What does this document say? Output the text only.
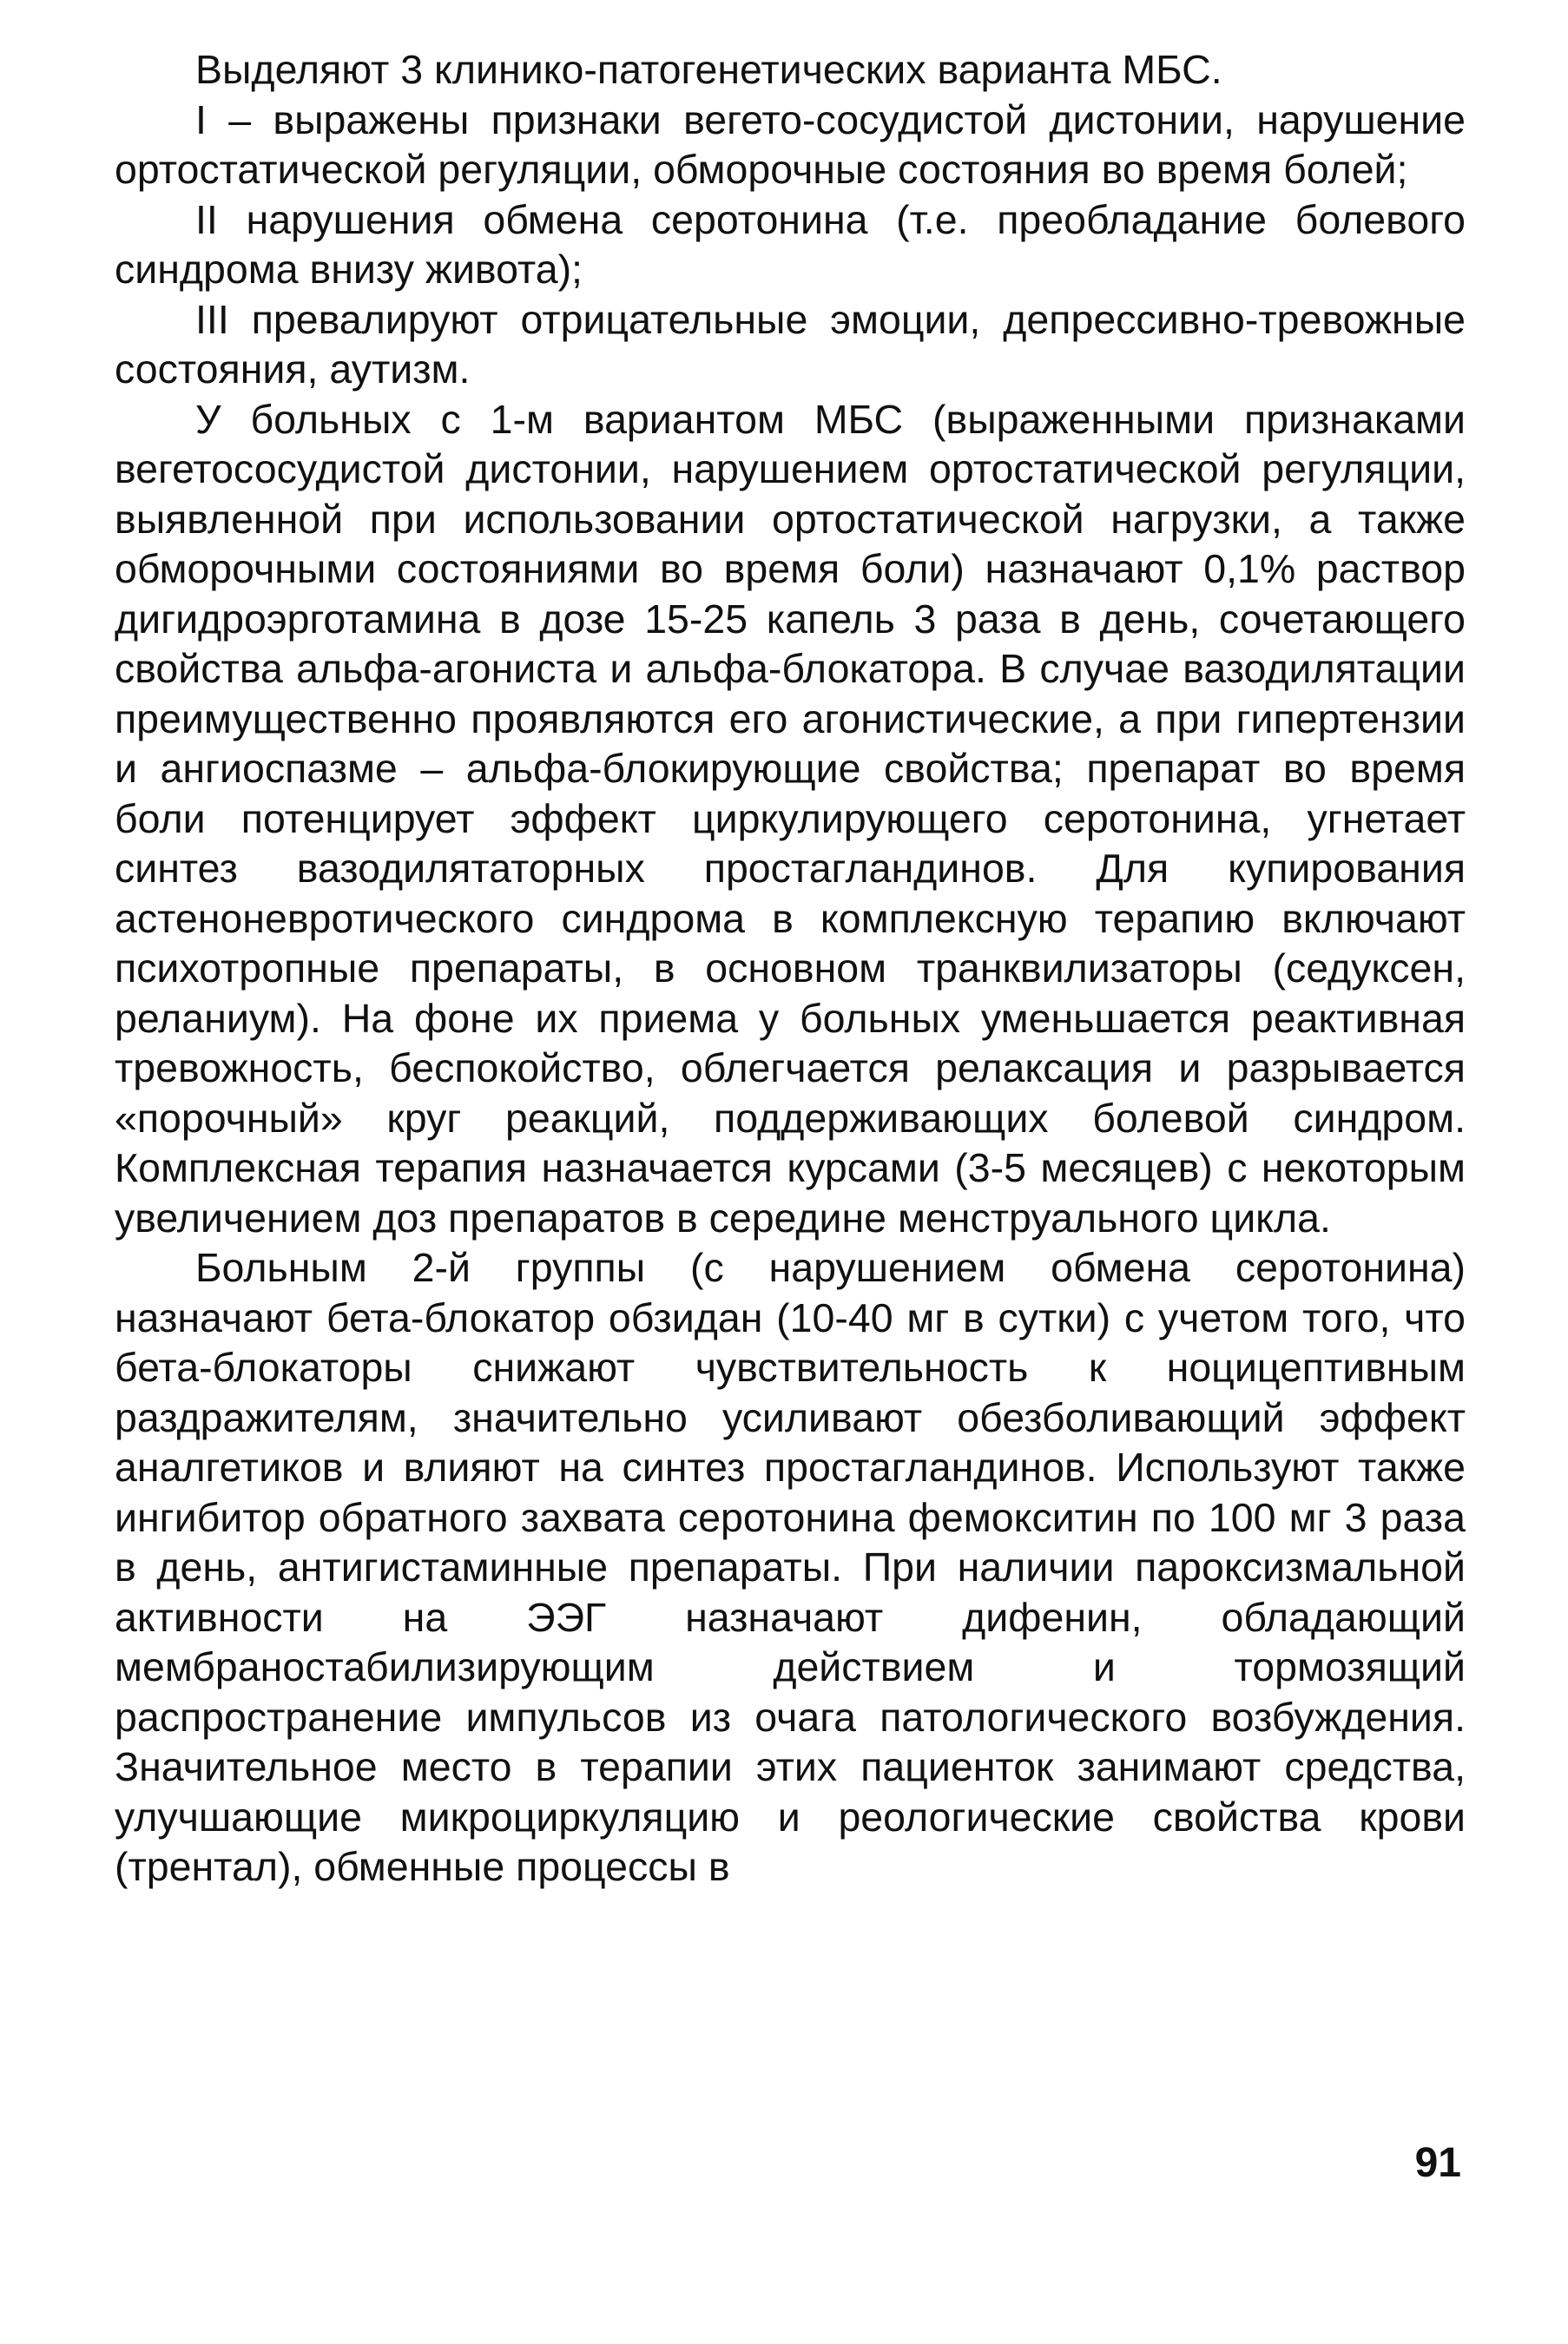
Выделяют 3 клинико-патогенетических варианта МБС.

I – выражены признаки вегето-сосудистой дистонии, нарушение ортостатической регуляции, обморочные состояния во время болей;

II нарушения обмена серотонина (т.е. преобладание болевого синдрома внизу живота);

III превалируют отрицательные эмоции, депрессивно-тревожные состояния, аутизм.

У больных с 1-м вариантом МБС (выраженными признаками вегетососудистой дистонии, нарушением ортостатической регуляции, выявленной при использовании ортостатической нагрузки, а также обморочными состояниями во время боли) назначают 0,1% раствор дигидроэрготамина в дозе 15-25 капель 3 раза в день, сочетающего свойства альфа-агониста и альфа-блокатора. В случае вазодилятации преимущественно проявляются его агонистические, а при гипертензии и ангиоспазме – альфа-блокирующие свойства; препарат во время боли потенцирует эффект циркулирующего серотонина, угнетает синтез вазодилятаторных простагландинов. Для купирования астеноневротического синдрома в комплексную терапию включают психотропные препараты, в основном транквилизаторы (седуксен, реланиум). На фоне их приема у больных уменьшается реактивная тревожность, беспокойство, облегчается релаксация и разрывается «порочный» круг реакций, поддерживающих болевой синдром. Комплексная терапия назначается курсами (3-5 месяцев) с некоторым увеличением доз препаратов в середине менструального цикла.

Больным 2-й группы (с нарушением обмена серотонина) назначают бета-блокатор обзидан (10-40 мг в сутки) с учетом того, что бета-блокаторы снижают чувствительность к ноцицептивным раздражителям, значительно усиливают обезболивающий эффект аналгетиков и влияют на синтез простагландинов. Используют также ингибитор обратного захвата серотонина фемокситин по 100 мг 3 раза в день, антигистаминные препараты. При наличии пароксизмальной активности на ЭЭГ назначают дифенин, обладающий мембраностабилизирующим действием и тормозящий распространение импульсов из очага патологического возбуждения. Значительное место в терапии этих пациенток занимают средства, улучшающие микроциркуляцию и реологические свойства крови (трентал), обменные процессы в

91
